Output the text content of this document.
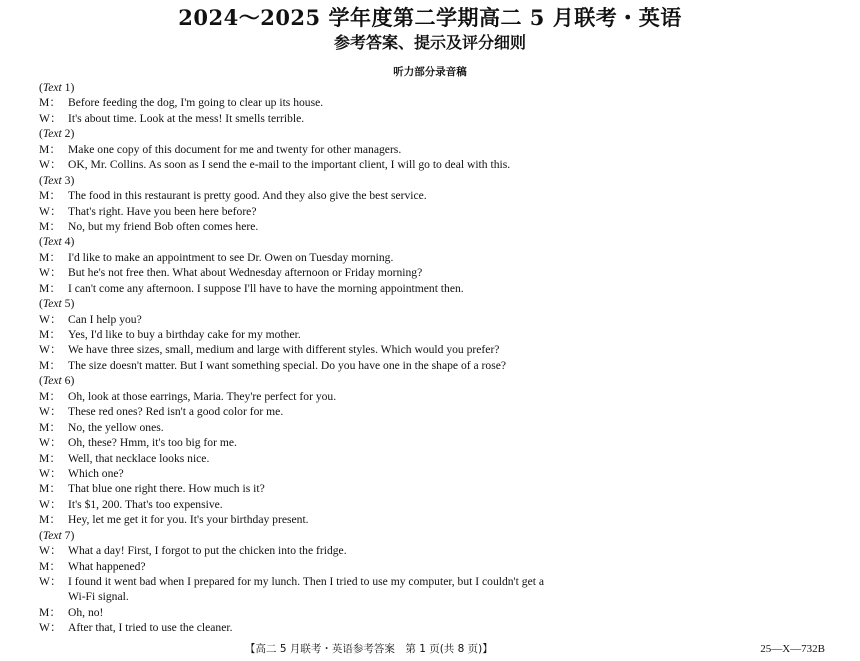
2024～2025 学年度第二学期高二 5 月联考・英语
参考答案、提示及评分细则
听力部分录音稿
(Text 1)
M： Before feeding the dog, I'm going to clear up its house.
W： It's about time. Look at the mess! It smells terrible.
(Text 2)
M： Make one copy of this document for me and twenty for other managers.
W： OK, Mr. Collins. As soon as I send the e-mail to the important client, I will go to deal with this.
(Text 3)
M： The food in this restaurant is pretty good. And they also give the best service.
W： That's right. Have you been here before?
M： No, but my friend Bob often comes here.
(Text 4)
M： I'd like to make an appointment to see Dr. Owen on Tuesday morning.
W： But he's not free then. What about Wednesday afternoon or Friday morning?
M： I can't come any afternoon. I suppose I'll have to have the morning appointment then.
(Text 5)
W： Can I help you?
M： Yes, I'd like to buy a birthday cake for my mother.
W： We have three sizes, small, medium and large with different styles. Which would you prefer?
M： The size doesn't matter. But I want something special. Do you have one in the shape of a rose?
(Text 6)
M： Oh, look at those earrings, Maria. They're perfect for you.
W： These red ones? Red isn't a good color for me.
M： No, the yellow ones.
W： Oh, these? Hmm, it's too big for me.
M： Well, that necklace looks nice.
W： Which one?
M： That blue one right there. How much is it?
W： It's $1, 200. That's too expensive.
M： Hey, let me get it for you. It's your birthday present.
(Text 7)
W： What a day! First, I forgot to put the chicken into the fridge.
M： What happened?
W： I found it went bad when I prepared for my lunch. Then I tried to use my computer, but I couldn't get a
Wi-Fi signal.
M： Oh, no!
W： After that, I tried to use the cleaner.
【高二 5 月联考・英语参考答案　第 1 页(共 8 页)】	25—X—732B
